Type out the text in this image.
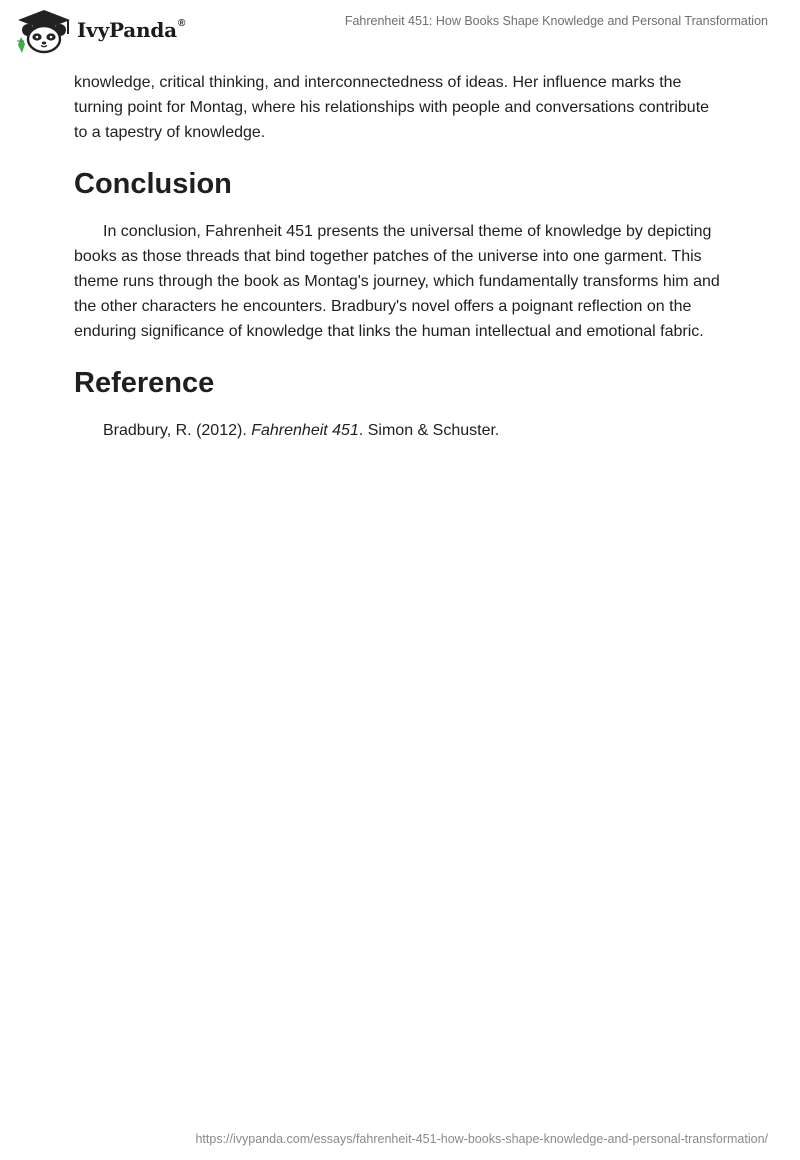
IvyPanda®	Fahrenheit 451: How Books Shape Knowledge and Personal Transformation

knowledge, critical thinking, and interconnectedness of ideas. Her influence marks the turning point for Montag, where his relationships with people and conversations contribute to a tapestry of knowledge.

Conclusion

In conclusion, Fahrenheit 451 presents the universal theme of knowledge by depicting books as those threads that bind together patches of the universe into one garment. This theme runs through the book as Montag's journey, which fundamentally transforms him and the other characters he encounters. Bradbury's novel offers a poignant reflection on the enduring significance of knowledge that links the human intellectual and emotional fabric.

Reference

Bradbury, R. (2012). Fahrenheit 451. Simon & Schuster.

https://ivypanda.com/essays/fahrenheit-451-how-books-shape-knowledge-and-personal-transformation/
